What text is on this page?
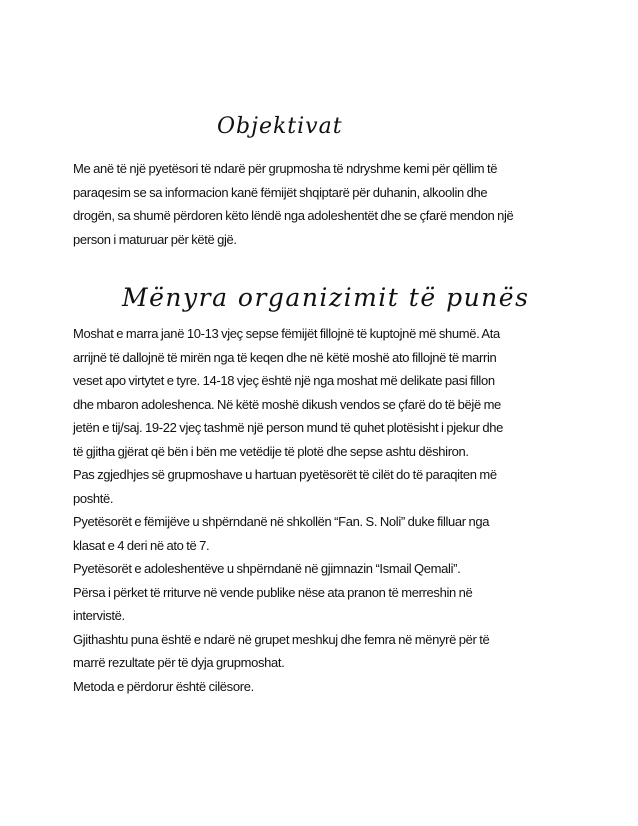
Objektivat
Me anë të një pyetësori të ndarë për grupmosha të ndryshme kemi për qëllim të
paraqesim se sa informacion kanë fëmijët shqiptarë për duhanin, alkoolin dhe
drogën, sa shumë përdoren këto lëndë nga adoleshentët dhe se çfarë mendon një
person i maturuar për këtë gjë.
Mënyra organizimit të punës
Moshat e marra janë 10-13 vjeç sepse fëmijët fillojnë të kuptojnë më shumë. Ata
arrijnë të dallojnë të mirën nga të keqen dhe në këtë moshë ato fillojnë të marrin
veset apo virtytet e tyre. 14-18 vjeç është një nga moshat më delikate pasi fillon
dhe mbaron adoleshenca. Në këtë moshë dikush vendos se çfarë do të bëjë me
jetën e tij/saj. 19-22 vjeç tashmë një person mund të quhet plotësisht i pjekur dhe
të gjitha gjërat që bën i bën me vetëdije të plotë dhe sepse ashtu dëshiron.
Pas zgjedhjes së grupmoshave u hartuan pyetësorët të cilët do të paraqiten më
poshtë.
Pyetësorët e fëmijëve u shpërndanë në shkollën “Fan. S. Noli” duke filluar nga
klasat e 4 deri në ato të 7.
Pyetësorët e adoleshentëve u shpërndanë në gjimnazin “Ismail Qemali”.
Përsa i përket të rriturve në vende publike nëse ata pranon të merreshin në
intervistë.
Gjithashtu puna është e ndarë në grupet meshkuj dhe femra në mënyrë për të
marrë rezultate për të dyja grupmoshat.
Metoda e përdorur është cilësore.
